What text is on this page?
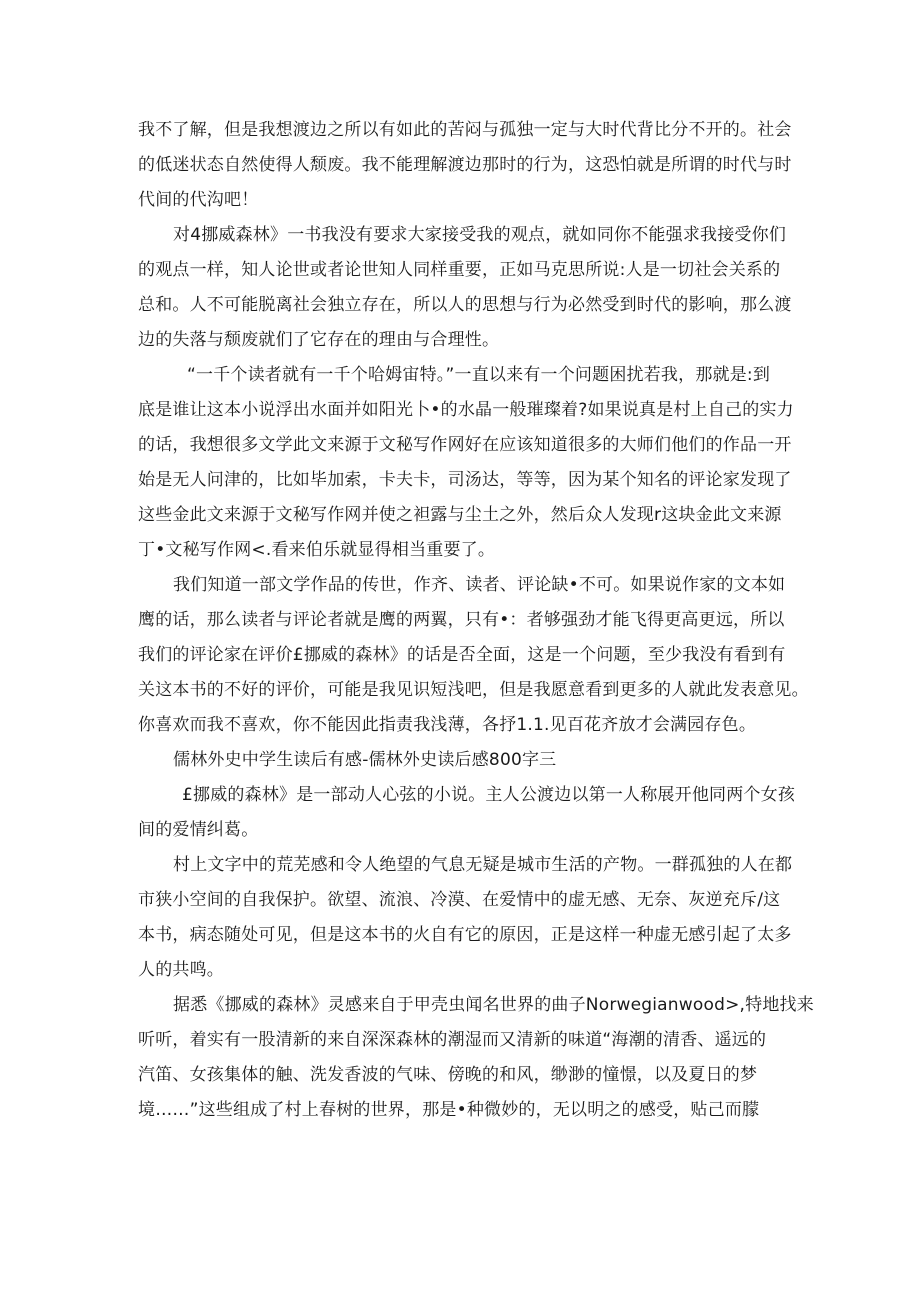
我不了解，但是我想渡边之所以有如此的苦闷与孤独一定与大时代背比分不开的。社会
的低迷状态自然使得人颓废。我不能理解渡边那时的行为，这恐怕就是所谓的时代与时
代间的代沟吧！
对4挪威森林》一书我没有要求大家接受我的观点，就如同你不能强求我接受你们
的观点一样，知人论世或者论世知人同样重要，正如马克思所说:人是一切社会关系的
总和。人不可能脱离社会独立存在，所以人的思想与行为必然受到时代的影响，那么渡
边的失落与颓废就们了它存在的理由与合理性。
“一千个读者就有一千个哈姆宙特。”一直以来有一个问题困扰若我，那就是:到
底是谁让这本小说浮出水面并如阳光卜•的水晶一般璀璨着?如果说真是村上自己的实力
的话，我想很多文学此文来源于文秘写作网好在应该知道很多的大师们他们的作品一开
始是无人问津的，比如毕加索，卡夫卡，司汤达，等等，因为某个知名的评论家发现了
这些金此文来源于文秘写作网并使之袒露与尘土之外，然后众人发现r这块金此文来源
丁•文秘写作网<.看来伯乐就显得相当重要了。
我们知道一部文学作品的传世，作齐、读者、评论缺•不可。如果说作家的文本如
鹰的话，那么读者与评论者就是鹰的两翼，只有•：者够强劲才能飞得更高更远，所以
我们的评论家在评价£挪威的森林》的话是否全面，这是一个问题，至少我没有看到有
关这本书的不好的评价，可能是我见识短浅吧，但是我愿意看到更多的人就此发表意见。
你喜欢而我不喜欢，你不能因此指责我浅薄，各抒1.1.见百花齐放才会满园存色。
儒林外史中学生读后有感-儒林外史读后感800字三
£挪威的森林》是一部动人心弦的小说。主人公渡边以第一人称展开他同两个女孩
间的爱情纠葛。
村上文字中的荒芜感和令人绝望的气息无疑是城市生活的产物。一群孤独的人在都
市狭小空间的自我保护。欲望、流浪、冷漠、在爱情中的虚无感、无奈、灰逆充斥/这
本书，病态随处可见，但是这本书的火自有它的原因，正是这样一种虚无感引起了太多
人的共鸣。
据悉《挪威的森林》灵感来自于甲壳虫闻名世界的曲子Norwegianwood>,特地找来
听听，着实有一股清新的来自深深森林的潮湿而又清新的味道“海潮的清香、遥远的
汽笛、女孩集体的触、洗发香波的气味、傍晚的和风，缈渺的憧憬，以及夏日的梦
境……”这些组成了村上春树的世界，那是•种微妙的，无以明之的感受，贴己而朦
